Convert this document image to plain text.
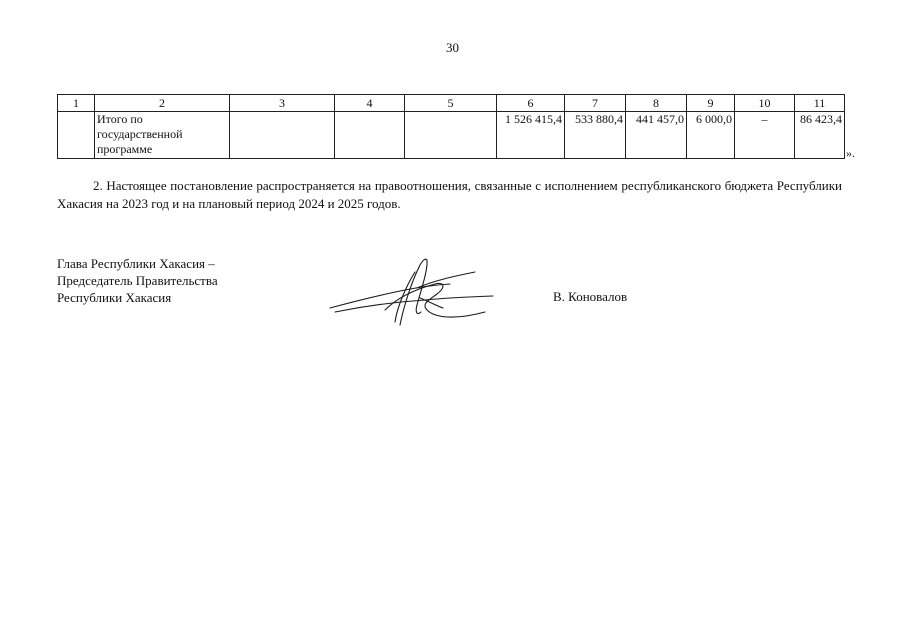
30
1	2	3	4	5	6	7	8	9	10	11
	Итого по государственной программе				1 526 415,4	533 880,4	441 457,0	6 000,0	–	86 423,4
».
2. Настоящее постановление распространяется на правоотношения, связанные с исполнением республиканского бюджета Республики Хакасия на 2023 год и на плановый период 2024 и 2025 годов.
Глава Республики Хакасия –
Председатель Правительства
Республики Хакасия	В. Коновалов
